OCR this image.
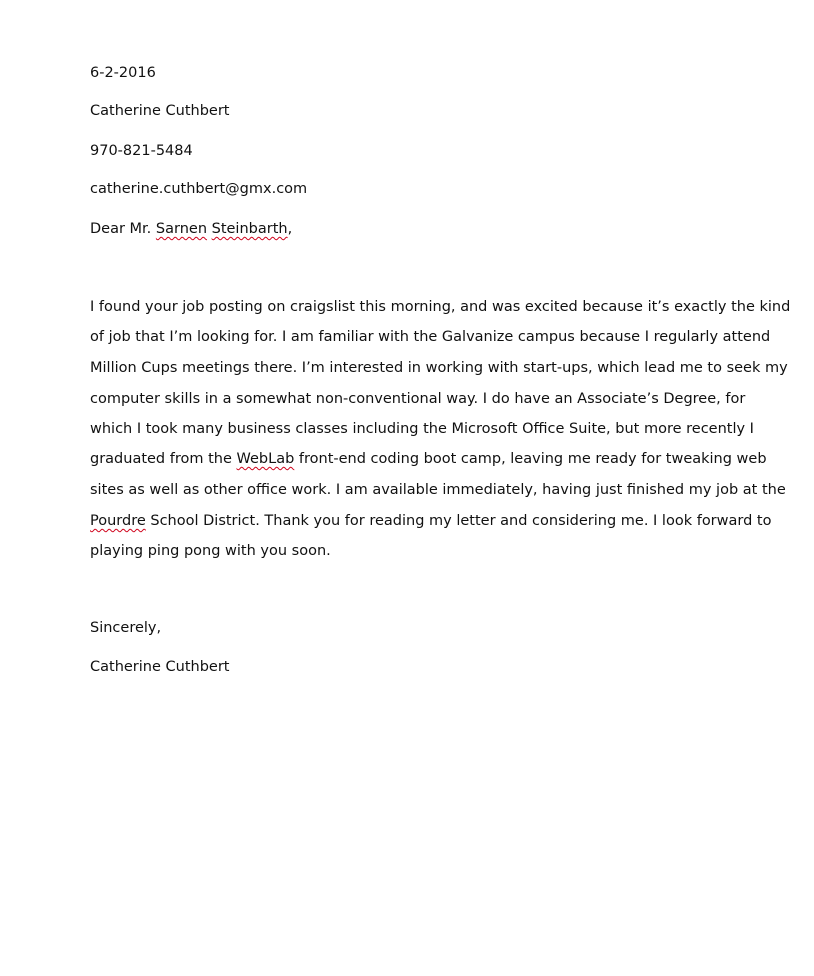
6-2-2016
Catherine Cuthbert
970-821-5484
catherine.cuthbert@gmx.com
Dear Mr. Sarnen Steinbarth,
I found your job posting on craigslist this morning, and was excited because it’s exactly the kind
of job that I’m looking for. I am familiar with the Galvanize campus because I regularly attend
Million Cups meetings there. I’m interested in working with start-ups, which lead me to seek my
computer skills in a somewhat non-conventional way. I do have an Associate’s Degree, for
which I took many business classes including the Microsoft Office Suite, but more recently I
graduated from the WebLab front-end coding boot camp, leaving me ready for tweaking web
sites as well as other office work. I am available immediately, having just finished my job at the
Pourdre School District. Thank you for reading my letter and considering me. I look forward to
playing ping pong with you soon.
Sincerely,
Catherine Cuthbert
